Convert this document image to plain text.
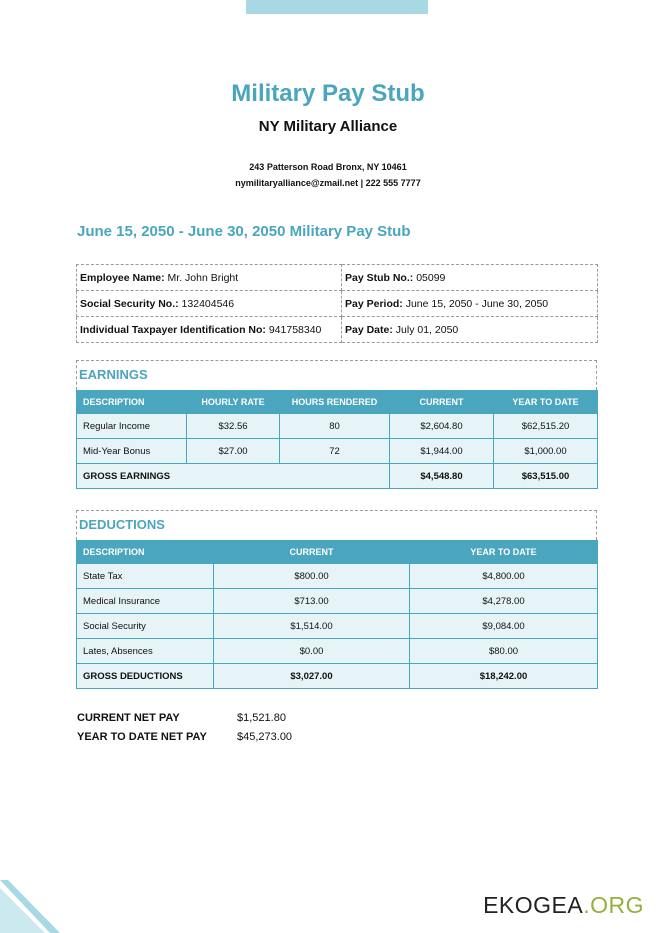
Military Pay Stub
NY Military Alliance
243 Patterson Road Bronx, NY 10461
nymilitaryalliance@zmail.net | 222 555 7777
June 15, 2050 - June 30, 2050 Military Pay Stub
Employee Name: Mr. John Bright	Pay Stub No.: 05099
Social Security No.: 132404546	Pay Period: June 15, 2050 - June 30, 2050
Individual Taxpayer Identification No: 941758340	Pay Date: July 01, 2050
EARNINGS
DESCRIPTION	HOURLY RATE	HOURS RENDERED	CURRENT	YEAR TO DATE
Regular Income	$32.56	80	$2,604.80	$62,515.20
Mid-Year Bonus	$27.00	72	$1,944.00	$1,000.00
GROSS EARNINGS			$4,548.80	$63,515.00
DEDUCTIONS
DESCRIPTION	CURRENT	YEAR TO DATE
State Tax	$800.00	$4,800.00
Medical Insurance	$713.00	$4,278.00
Social Security	$1,514.00	$9,084.00
Lates, Absences	$0.00	$80.00
GROSS DEDUCTIONS	$3,027.00	$18,242.00
CURRENT NET PAY	$1,521.80
YEAR TO DATE NET PAY	$45,273.00
EKOGEA.ORG
